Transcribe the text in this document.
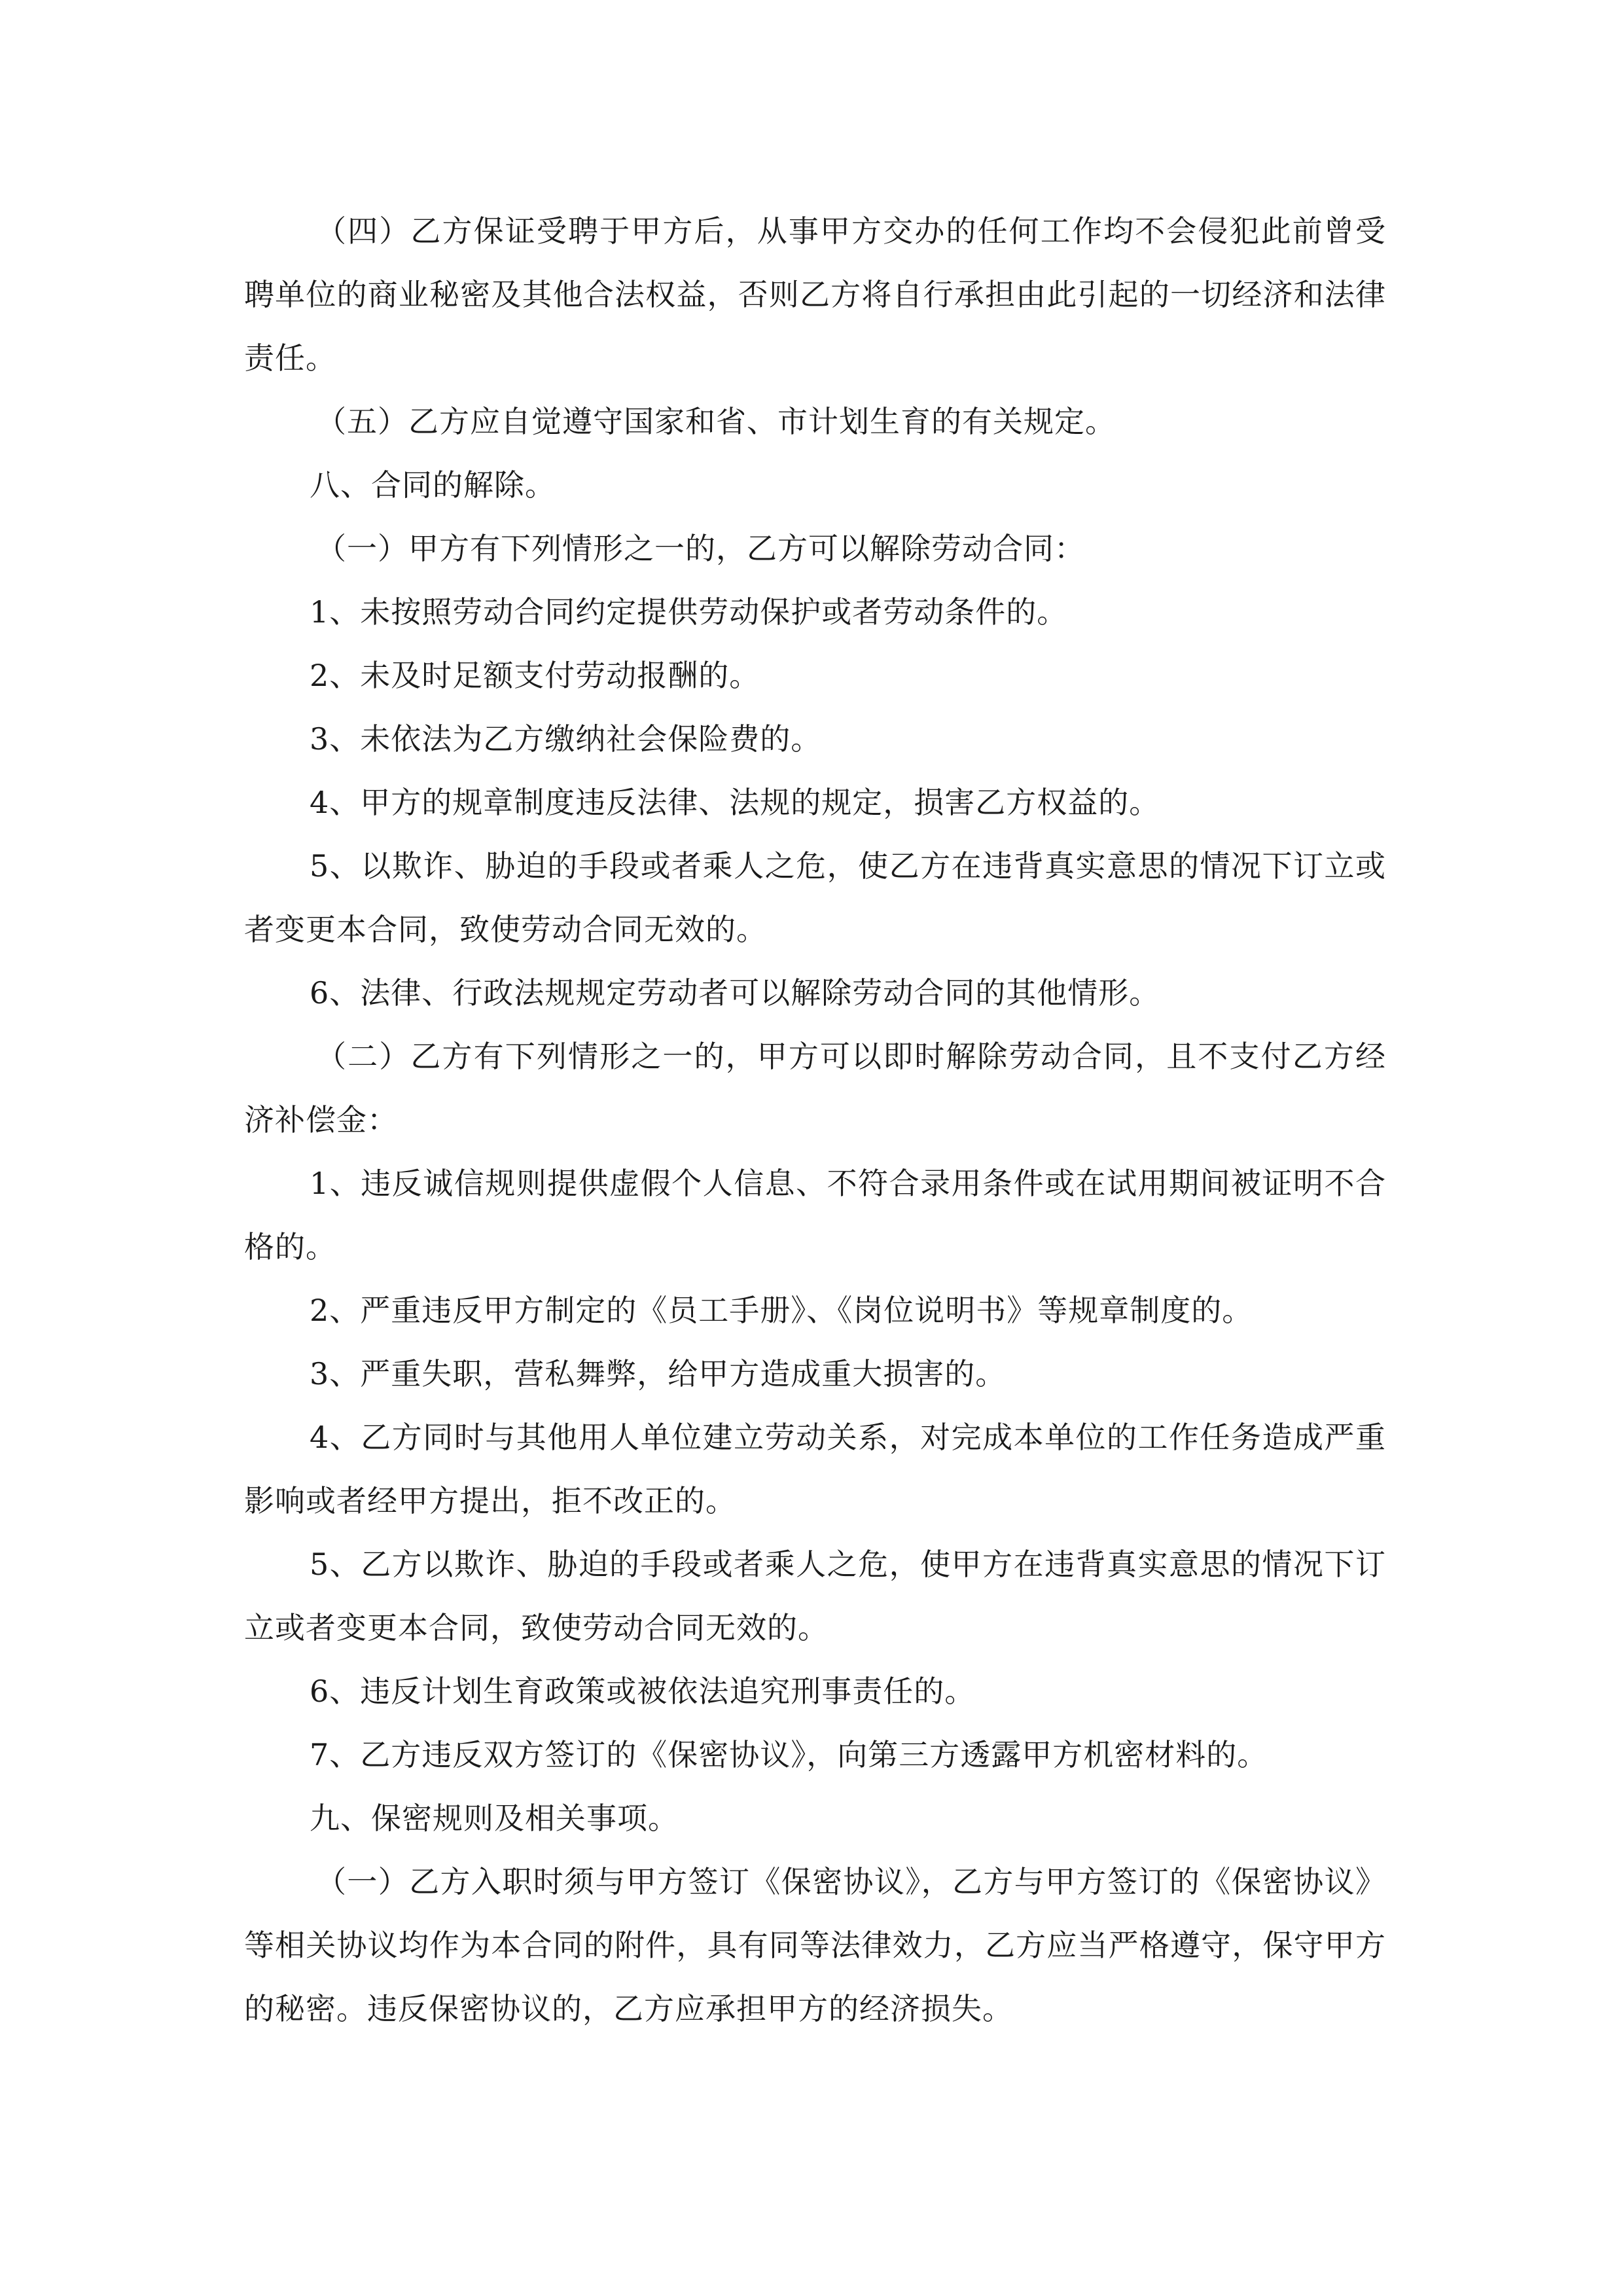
（四）乙方保证受聘于甲方后，从事甲方交办的任何工作均不会侵犯此前曾受聘单位的商业秘密及其他合法权益，否则乙方将自行承担由此引起的一切经济和法律责任。

（五）乙方应自觉遵守国家和省、市计划生育的有关规定。

八、合同的解除。

（一）甲方有下列情形之一的，乙方可以解除劳动合同：

1、未按照劳动合同约定提供劳动保护或者劳动条件的。

2、未及时足额支付劳动报酬的。

3、未依法为乙方缴纳社会保险费的。

4、甲方的规章制度违反法律、法规的规定，损害乙方权益的。

5、以欺诈、胁迫的手段或者乘人之危，使乙方在违背真实意思的情况下订立或者变更本合同，致使劳动合同无效的。

6、法律、行政法规规定劳动者可以解除劳动合同的其他情形。

（二）乙方有下列情形之一的，甲方可以即时解除劳动合同，且不支付乙方经济补偿金：

1、违反诚信规则提供虚假个人信息、不符合录用条件或在试用期间被证明不合格的。

2、严重违反甲方制定的《员工手册》、《岗位说明书》等规章制度的。

3、严重失职，营私舞弊，给甲方造成重大损害的。

4、乙方同时与其他用人单位建立劳动关系，对完成本单位的工作任务造成严重影响或者经甲方提出，拒不改正的。

5、乙方以欺诈、胁迫的手段或者乘人之危，使甲方在违背真实意思的情况下订立或者变更本合同，致使劳动合同无效的。

6、违反计划生育政策或被依法追究刑事责任的。

7、乙方违反双方签订的《保密协议》，向第三方透露甲方机密材料的。

九、保密规则及相关事项。

（一）乙方入职时须与甲方签订《保密协议》，乙方与甲方签订的《保密协议》等相关协议均作为本合同的附件，具有同等法律效力，乙方应当严格遵守，保守甲方的秘密。违反保密协议的，乙方应承担甲方的经济损失。
